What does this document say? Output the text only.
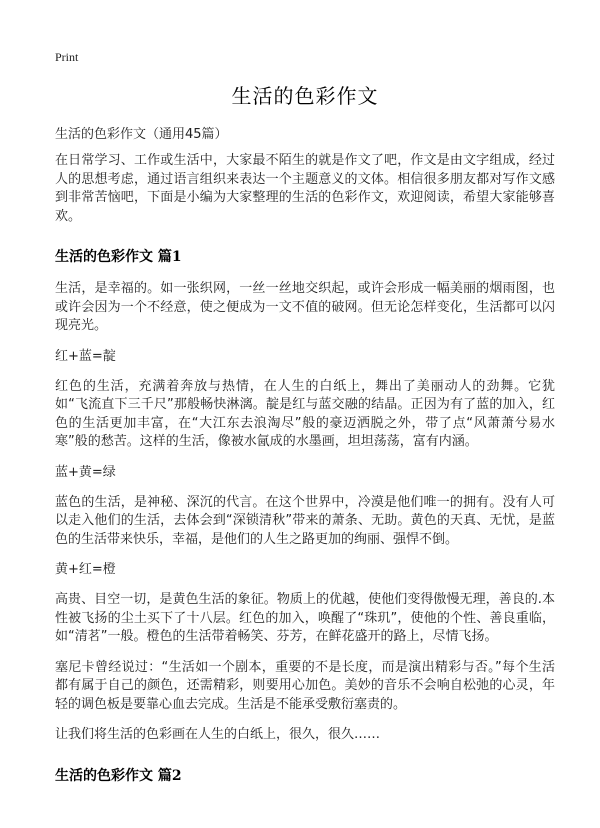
Print
生活的色彩作文
生活的色彩作文（通用45篇）

在日常学习、工作或生活中，大家最不陌生的就是作文了吧，作文是由文字组成，经过人的思想考虑，通过语言组织来表达一个主题意义的文体。相信很多朋友都对写作文感到非常苦恼吧，下面是小编为大家整理的生活的色彩作文，欢迎阅读，希望大家能够喜欢。

生活的色彩作文 篇1

生活，是幸福的。如一张织网，一丝一丝地交织起，或许会形成一幅美丽的烟雨图，也或许会因为一个不经意，使之便成为一文不值的破网。但无论怎样变化，生活都可以闪现亮光。

红+蓝=靛

红色的生活，充满着奔放与热情，在人生的白纸上，舞出了美丽动人的劲舞。它犹如“飞流直下三千尺”那般畅快淋漓。靛是红与蓝交融的结晶。正因为有了蓝的加入，红色的生活更加丰富，在“大江东去浪淘尽”般的豪迈洒脱之外，带了点“风萧萧兮易水寒”般的愁苦。这样的生活，像被水氤成的水墨画，坦坦荡荡，富有内涵。

蓝+黄=绿

蓝色的生活，是神秘、深沉的代言。在这个世界中，冷漠是他们唯一的拥有。没有人可以走入他们的生活，去体会到“深锁清秋”带来的萧条、无助。黄色的天真、无忧，是蓝色的生活带来快乐，幸福，是他们的人生之路更加的绚丽、强悍不倒。

黄+红=橙

高贵、目空一切，是黄色生活的象征。物质上的优越，使他们变得傲慢无理，善良的.本性被飞扬的尘土买下了十八层。红色的加入，唤醒了“珠玑”，使他的个性、善良重临，如“清茗”一般。橙色的生活带着畅笑、芬芳，在鲜花盛开的路上，尽情飞扬。

塞尼卡曾经说过：“生活如一个剧本，重要的不是长度，而是演出精彩与否。”每个生活都有属于自己的颜色，还需精彩，则要用心加色。美妙的音乐不会响自松弛的心灵，年轻的调色板是要靠心血去完成。生活是不能承受敷衍塞责的。

让我们将生活的色彩画在人生的白纸上，很久，很久……

生活的色彩作文 篇2
